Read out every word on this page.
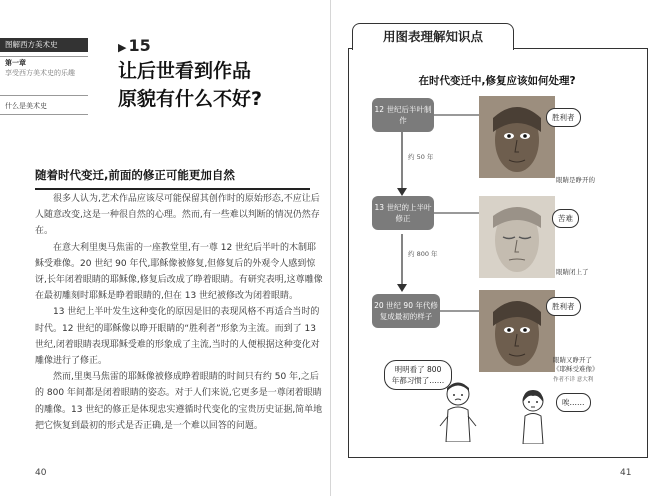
图解西方美术史
第一章
享受西方美术史的乐趣
什么是美术史
▶ 15
让后世看到作品
原貌有什么不好?
随着时代变迁,前面的修正可能更加自然

很多人认为,艺术作品应该尽可能保留其创作时的原始形态,不应让后人随意改变,这是一种很自然的心理。然而,有一些难以判断的情况仍然存在。

在意大利里奥马焦雷的一座教堂里,有一尊 12 世纪后半叶的木制耶稣受难像。20 世纪 90 年代,耶稣像被修复,但修复后的外观令人感到惊讶,长年闭着眼睛的耶稣像,修复后改成了睁着眼睛。有研究表明,这尊雕像在最初雕刻时耶稣是睁着眼睛的,但在 13 世纪被修改为闭着眼睛。

13 世纪上半叶发生这种变化的原因是旧的表现风格不再适合当时的时代。12 世纪的耶稣像以睁开眼睛的“胜利者”形象为主流。而到了 13 世纪,闭着眼睛表现耶稣受难的形象成了主流,当时的人便根据这种变化对雕像进行了修正。

然而,里奥马焦雷的耶稣像被修成睁着眼睛的时间只有约 50 年,之后的 800 年间都是闭着眼睛的姿态。对于人们来说,它更多是一尊闭着眼睛的雕像。13 世纪的修正是体现忠实遵循时代变化的宝贵历史证据,简单地把它恢复到最初的形式是否正确,是一个难以回答的问题。

40
用图表理解知识点
在时代变迁中,修复应该如何处理?
约 50 年
约 800 年
12 世纪后半叶制作
13 世纪的上半叶修正
20 世纪 90 年代修复成最初的样子
胜利者
苦难
胜利者
眼睛是睁开的
眼睛闭上了
眼睛又睁开了
《耶稣受难像》
作者不详 意大利
明明看了 800 年都习惯了……
唉……
41
